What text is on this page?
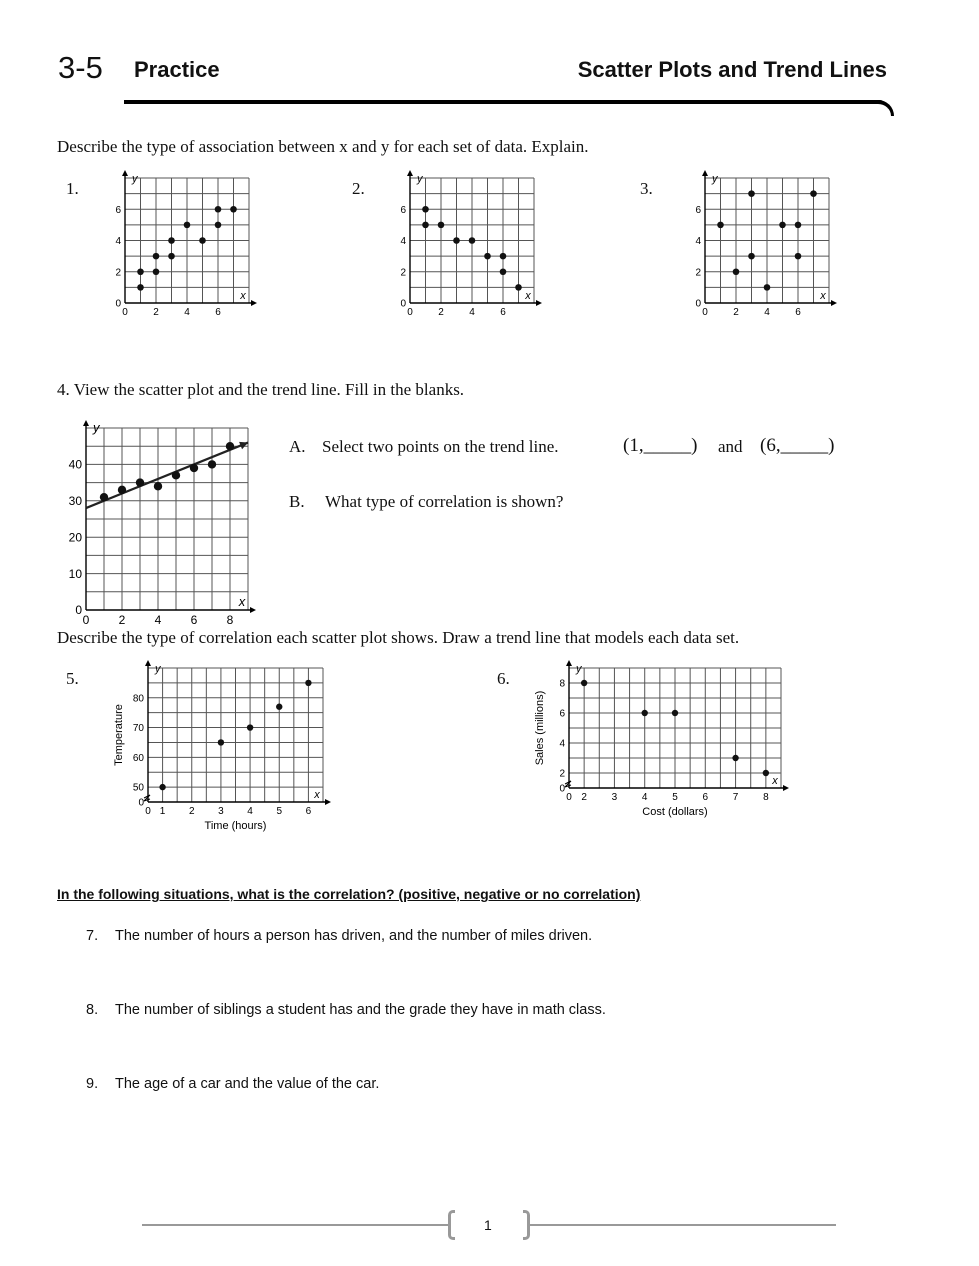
3-5 Practice	Scatter Plots and Trend Lines
Describe the type of association between x and y for each set of data. Explain.
1.	2.	3.
4. View the scatter plot and the trend line. Fill in the blanks.
A. Select two points on the trend line.	(1,_____) and (6,_____)
B. What type of correlation is shown?
Describe the type of correlation each scatter plot shows. Draw a trend line that models each data set.
5.	6.
In the following situations, what is the correlation? (positive, negative or no correlation)
7. The number of hours a person has driven, and the number of miles driven.
8. The number of siblings a student has and the grade they have in math class.
9. The age of a car and the value of the car.
0	2	4	6
0
2
4
6
x
y
0	2	4	6
0
2
4
6
x
y
0	2	4	6
0
2
4
6
x
y
0 2 4 6 8
0
10
20
30
40
x
y
0 1 2 3 4 5 6
0
50
60
70
80
x
y
Time (hours)
Temperature
0 2 3 4 5 6 7 8
0
2
4
6
8
x
y
Cost (dollars)
Sales (millions)
1
